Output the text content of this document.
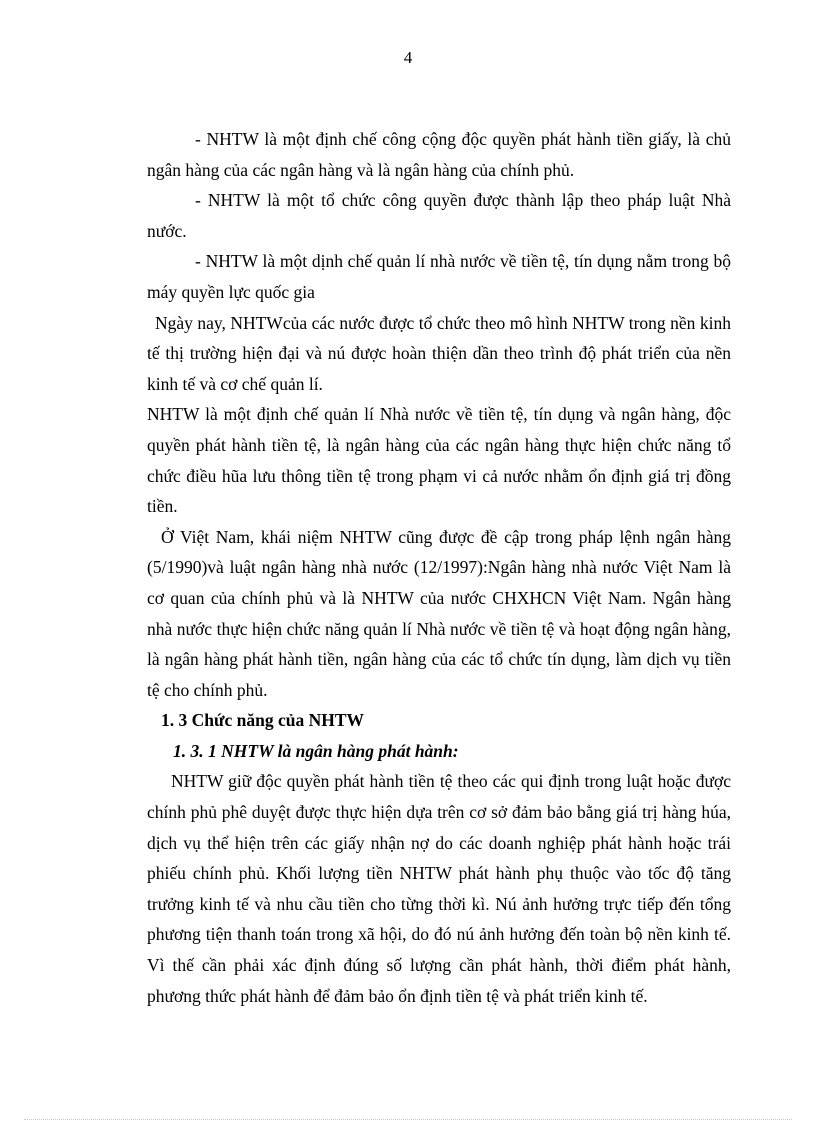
4

- NHTW là một định chế công cộng độc quyền phát hành tiền giấy, là chủ ngân hàng của các ngân hàng và là ngân hàng của chính phủ.

- NHTW là một tổ chức công quyền được thành lập theo pháp luật Nhà nước.

- NHTW là một dịnh chế quản lí nhà nước về tiền tệ, tín dụng nằm trong bộ máy quyền lực quốc gia

Ngày nay, NHTWcủa các nước được tổ chức theo mô hình NHTW trong nền kinh tế thị trường hiện đại và nú được hoàn thiện dần theo trình độ phát triển của nền kinh tế và cơ chế quản lí.

NHTW là một định chế quản lí Nhà nước về tiền tệ, tín dụng và ngân hàng, độc quyền phát hành tiền tệ, là ngân hàng của các ngân hàng thực hiện chức năng tổ chức điều hũa lưu thông tiền tệ trong phạm vi cả nước nhằm ổn định giá trị đồng tiền.

Ở Việt Nam, khái niệm NHTW cũng được đề cập trong pháp lệnh ngân hàng (5/1990)và luật ngân hàng nhà nước (12/1997):Ngân hàng nhà nước Việt Nam là cơ quan của chính phủ và là NHTW của nước CHXHCN Việt Nam. Ngân hàng nhà nước thực hiện chức năng quản lí Nhà nước về tiền tệ và hoạt động ngân hàng, là ngân hàng phát hành tiền, ngân hàng của các tổ chức tín dụng, làm dịch vụ tiền tệ cho chính phủ.

1. 3 Chức năng của NHTW
1. 3. 1 NHTW là ngân hàng phát hành:

NHTW giữ độc quyền phát hành tiền tệ theo các qui định trong luật hoặc được chính phủ phê duyệt được thực hiện dựa trên cơ sở đảm bảo bằng giá trị hàng húa, dịch vụ thể hiện trên các giấy nhận nợ do các doanh nghiệp phát hành hoặc trái phiếu chính phủ. Khối lượng tiền NHTW phát hành phụ thuộc vào tốc độ tăng trưởng kinh tế và nhu cầu tiền cho từng thời kì. Nú ảnh hưởng trực tiếp đến tổng phương tiện thanh toán trong xã hội, do đó nú ảnh hưởng đến toàn bộ nền kinh tế. Vì thế cần phải xác định đúng số lượng cần phát hành, thời điểm phát hành, phương thức phát hành để đảm bảo ổn định tiền tệ và phát triển kinh tế.
